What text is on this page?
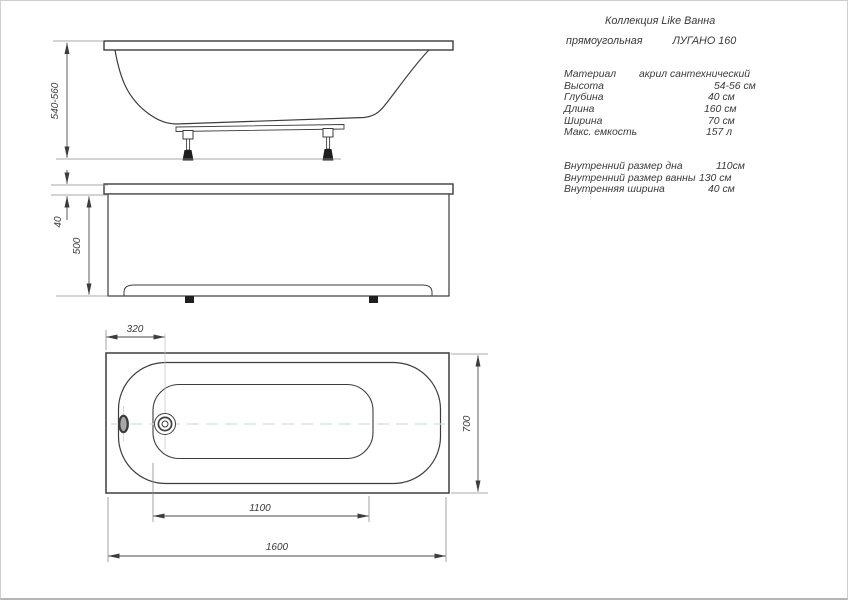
540-560
40
500
320
700
1100
1600
Коллекция Like Ванна
прямоугольная	ЛУГАНО 160
Материал акрил сантехнический
Высота	54-56 см
Глубина	40 см
Длина	160 см
Ширина	70 см
Макс. емкость	157 л
Внутренний размер дна	110см
Внутренний размер ванны 130 см
Внутренняя ширина	40 см
